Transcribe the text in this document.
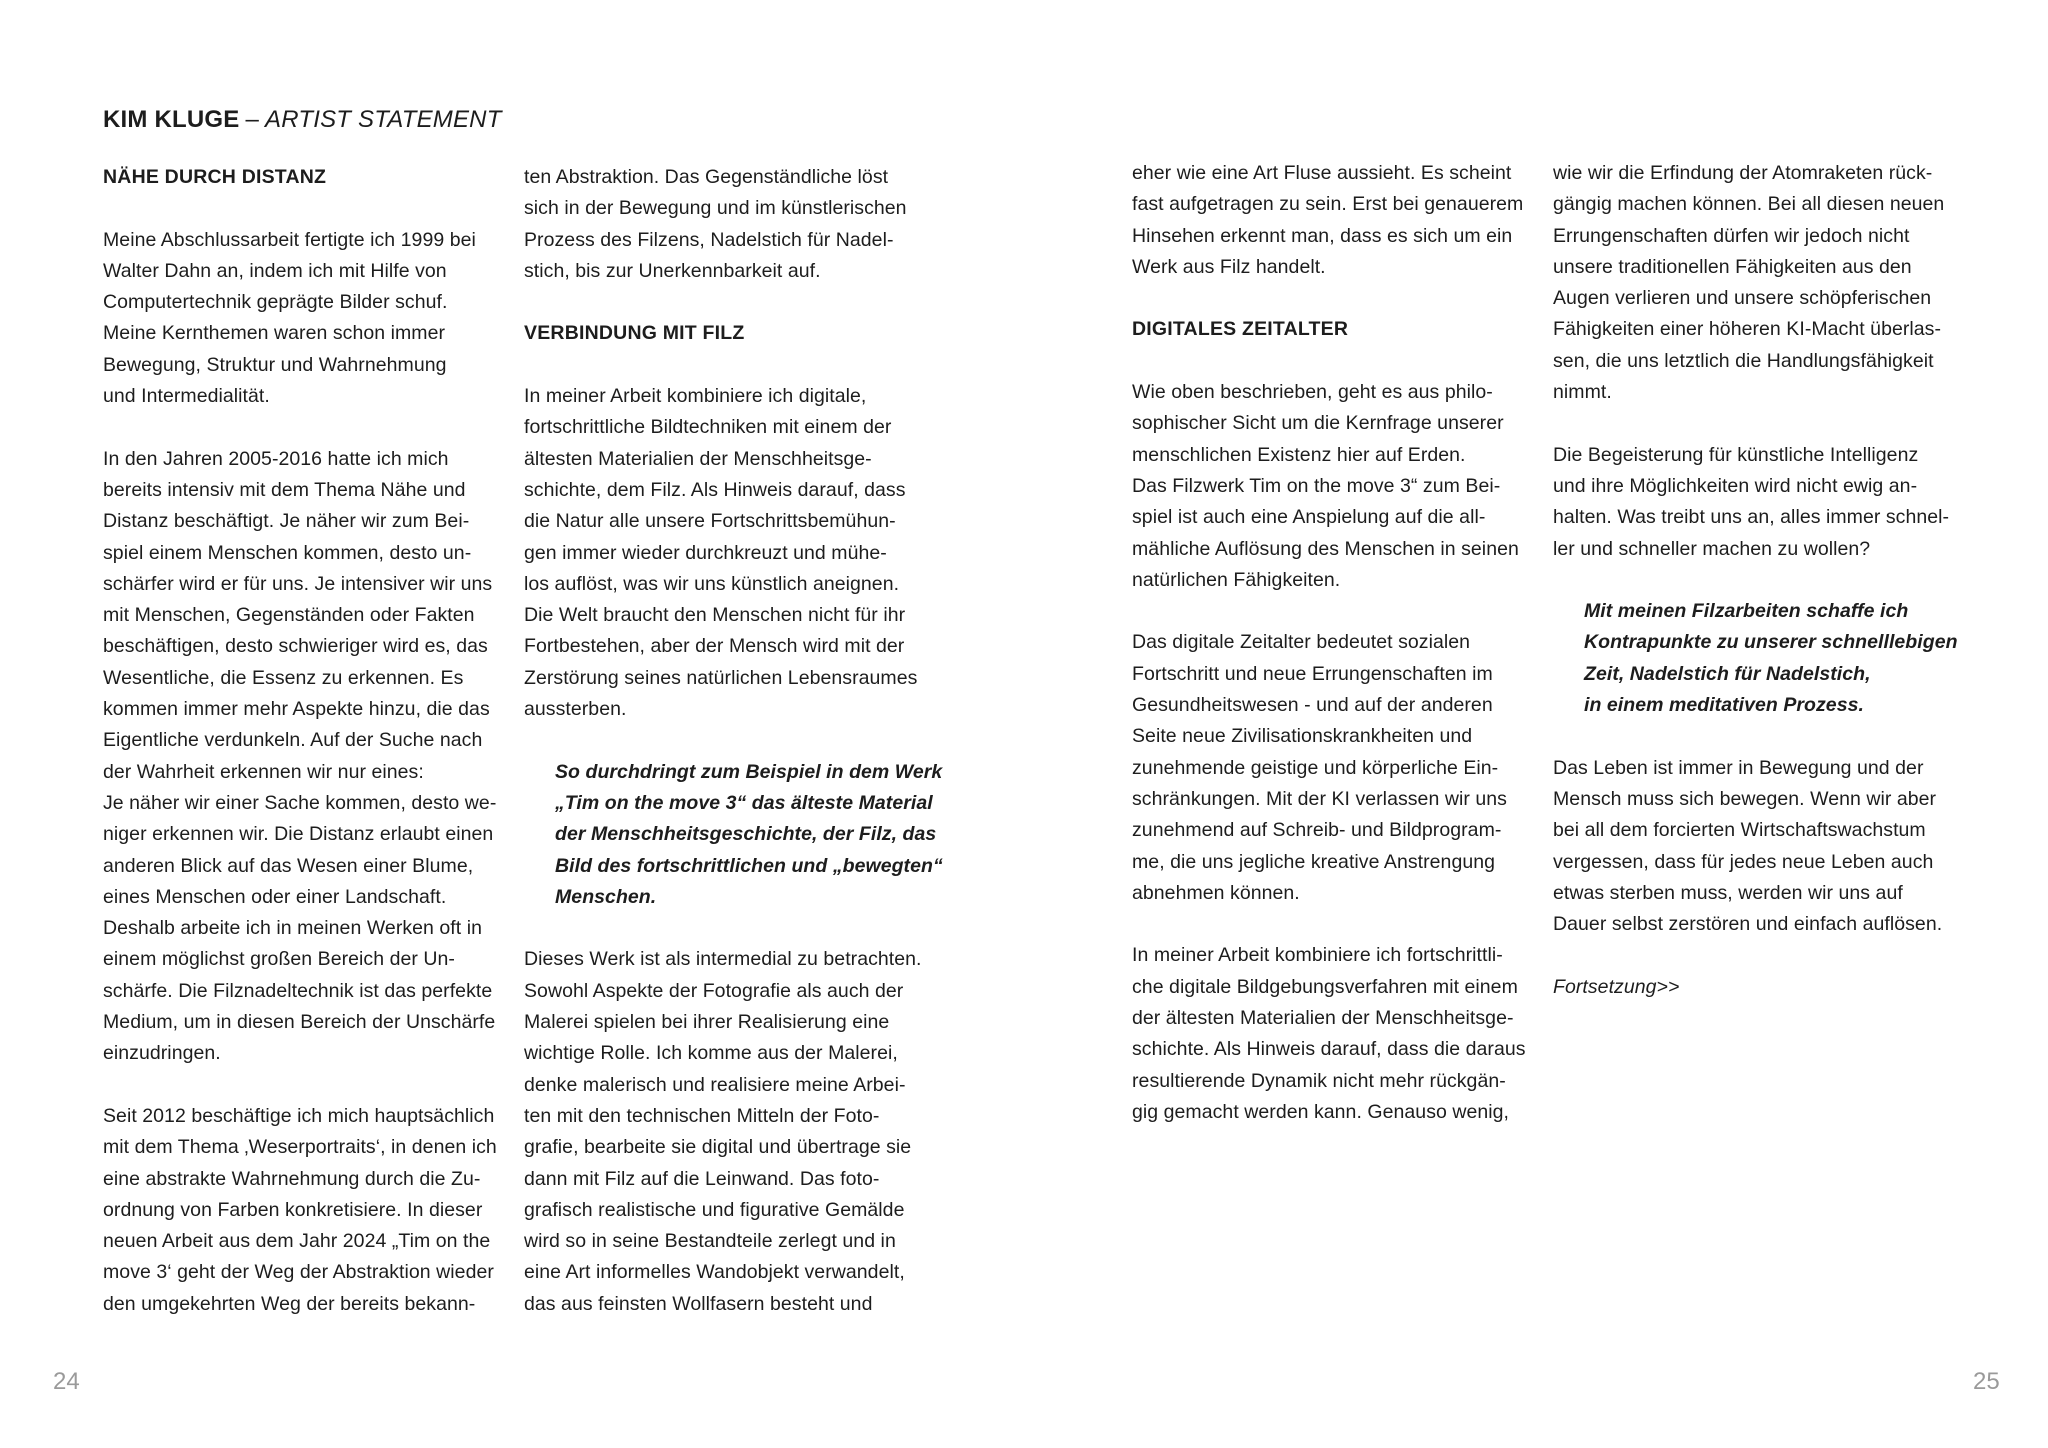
KIM KLUGE – ARTIST STATEMENT
NÄHE DURCH DISTANZ

Meine Abschlussarbeit fertigte ich 1999 bei
Walter Dahn an, indem ich mit Hilfe von
Computertechnik geprägte Bilder schuf.
Meine Kernthemen waren schon immer
Bewegung, Struktur und Wahrnehmung
und Intermedialität.

In den Jahren 2005-2016 hatte ich mich
bereits intensiv mit dem Thema Nähe und
Distanz beschäftigt. Je näher wir zum Bei-
spiel einem Menschen kommen, desto un-
schärfer wird er für uns. Je intensiver wir uns
mit Menschen, Gegenständen oder Fakten
beschäftigen, desto schwieriger wird es, das
Wesentliche, die Essenz zu erkennen. Es
kommen immer mehr Aspekte hinzu, die das
Eigentliche verdunkeln. Auf der Suche nach
der Wahrheit erkennen wir nur eines:
Je näher wir einer Sache kommen, desto we-
niger erkennen wir. Die Distanz erlaubt einen
anderen Blick auf das Wesen einer Blume,
eines Menschen oder einer Landschaft.
Deshalb arbeite ich in meinen Werken oft in
einem möglichst großen Bereich der Un-
schärfe. Die Filznadeltechnik ist das perfekte
Medium, um in diesen Bereich der Unschärfe
einzudringen.

Seit 2012 beschäftige ich mich hauptsächlich
mit dem Thema ‚Weserportraits‘, in denen ich
eine abstrakte Wahrnehmung durch die Zu-
ordnung von Farben konkretisiere. In dieser
neuen Arbeit aus dem Jahr 2024 „Tim on the
move 3‘ geht der Weg der Abstraktion wieder
den umgekehrten Weg der bereits bekann-

ten Abstraktion. Das Gegenständliche löst
sich in der Bewegung und im künstlerischen
Prozess des Filzens, Nadelstich für Nadel-
stich, bis zur Unerkennbarkeit auf.

VERBINDUNG MIT FILZ

In meiner Arbeit kombiniere ich digitale,
fortschrittliche Bildtechniken mit einem der
ältesten Materialien der Menschheitsge-
schichte, dem Filz. Als Hinweis darauf, dass
die Natur alle unsere Fortschrittsbemühun-
gen immer wieder durchkreuzt und mühe-
los auflöst, was wir uns künstlich aneignen.
Die Welt braucht den Menschen nicht für ihr
Fortbestehen, aber der Mensch wird mit der
Zerstörung seines natürlichen Lebensraumes
aussterben.

So durchdringt zum Beispiel in dem Werk
„Tim on the move 3“ das älteste Material
der Menschheitsgeschichte, der Filz, das
Bild des fortschrittlichen und „bewegten“
Menschen.

Dieses Werk ist als intermedial zu betrachten.
Sowohl Aspekte der Fotografie als auch der
Malerei spielen bei ihrer Realisierung eine
wichtige Rolle. Ich komme aus der Malerei,
denke malerisch und realisiere meine Arbei-
ten mit den technischen Mitteln der Foto-
grafie, bearbeite sie digital und übertrage sie
dann mit Filz auf die Leinwand. Das foto-
grafisch realistische und figurative Gemälde
wird so in seine Bestandteile zerlegt und in
eine Art informelles Wandobjekt verwandelt,
das aus feinsten Wollfasern besteht und

eher wie eine Art Fluse aussieht. Es scheint
fast aufgetragen zu sein. Erst bei genauerem
Hinsehen erkennt man, dass es sich um ein
Werk aus Filz handelt.

DIGITALES ZEITALTER

Wie oben beschrieben, geht es aus philo-
sophischer Sicht um die Kernfrage unserer
menschlichen Existenz hier auf Erden.
Das Filzwerk Tim on the move 3“ zum Bei-
spiel ist auch eine Anspielung auf die all-
mähliche Auflösung des Menschen in seinen
natürlichen Fähigkeiten.

Das digitale Zeitalter bedeutet sozialen
Fortschritt und neue Errungenschaften im
Gesundheitswesen - und auf der anderen
Seite neue Zivilisationskrankheiten und
zunehmende geistige und körperliche Ein-
schränkungen. Mit der KI verlassen wir uns
zunehmend auf Schreib- und Bildprogram-
me, die uns jegliche kreative Anstrengung
abnehmen können.

In meiner Arbeit kombiniere ich fortschrittli-
che digitale Bildgebungsverfahren mit einem
der ältesten Materialien der Menschheitsge-
schichte. Als Hinweis darauf, dass die daraus
resultierende Dynamik nicht mehr rückgän-
gig gemacht werden kann. Genauso wenig,

wie wir die Erfindung der Atomraketen rück-
gängig machen können. Bei all diesen neuen
Errungenschaften dürfen wir jedoch nicht
unsere traditionellen Fähigkeiten aus den
Augen verlieren und unsere schöpferischen
Fähigkeiten einer höheren KI-Macht überlas-
sen, die uns letztlich die Handlungsfähigkeit
nimmt.

Die Begeisterung für künstliche Intelligenz
und ihre Möglichkeiten wird nicht ewig an-
halten. Was treibt uns an, alles immer schnel-
ler und schneller machen zu wollen?

Mit meinen Filzarbeiten schaffe ich
Kontrapunkte zu unserer schnelllebigen
Zeit, Nadelstich für Nadelstich,
in einem meditativen Prozess.

Das Leben ist immer in Bewegung und der
Mensch muss sich bewegen. Wenn wir aber
bei all dem forcierten Wirtschaftswachstum
vergessen, dass für jedes neue Leben auch
etwas sterben muss, werden wir uns auf
Dauer selbst zerstören und einfach auflösen.

Fortsetzung>>

24	25
